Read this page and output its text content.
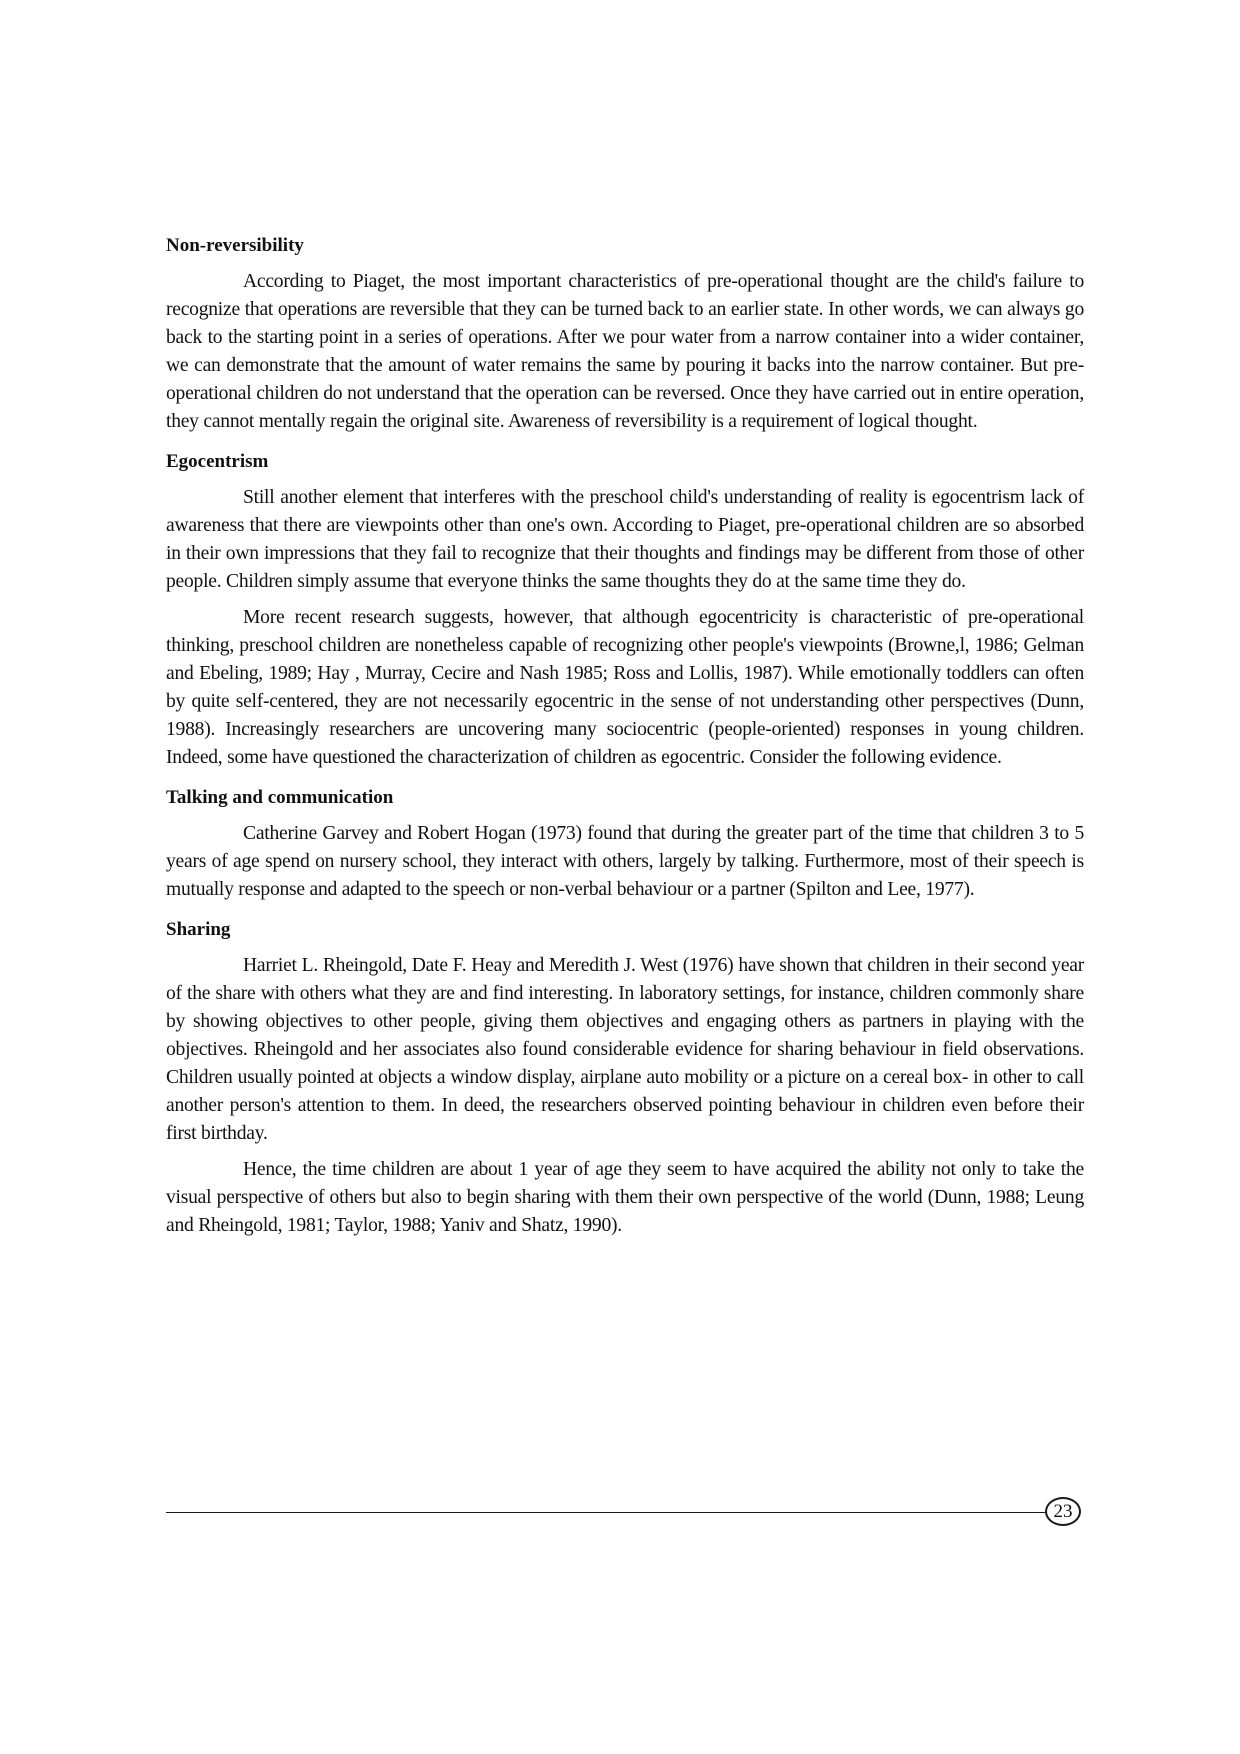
Non-reversibility

According to Piaget, the most important characteristics of pre-operational thought are the child's failure to recognize that operations are reversible that they can be turned back to an earlier state. In other words, we can always go back to the starting point in a series of operations. After we pour water from a narrow container into a wider container, we can demonstrate that the amount of water remains the same by pouring it backs into the narrow container. But pre-operational children do not understand that the operation can be reversed. Once they have carried out in entire operation, they cannot mentally regain the original site. Awareness of reversibility is a requirement of logical thought.

Egocentrism

Still another element that interferes with the preschool child's understanding of reality is egocentrism lack of awareness that there are viewpoints other than one's own. According to Piaget, pre-operational children are so absorbed in their own impressions that they fail to recognize that their thoughts and findings may be different from those of other people. Children simply assume that everyone thinks the same thoughts they do at the same time they do.

More recent research suggests, however, that although egocentricity is characteristic of pre-operational thinking, preschool children are nonetheless capable of recognizing other people's viewpoints (Browne,l, 1986; Gelman and Ebeling, 1989; Hay , Murray, Cecire and Nash 1985; Ross and Lollis, 1987). While emotionally toddlers can often by quite self-centered, they are not necessarily egocentric in the sense of not understanding other perspectives (Dunn, 1988). Increasingly researchers are uncovering many sociocentric (people-oriented) responses in young children. Indeed, some have questioned the characterization of children as egocentric. Consider the following evidence.

Talking and communication

Catherine Garvey and Robert Hogan (1973) found that during the greater part of the time that children 3 to 5 years of age spend on nursery school, they interact with others, largely by talking. Furthermore, most of their speech is mutually response and adapted to the speech or non-verbal behaviour or a partner (Spilton and Lee, 1977).

Sharing

Harriet L. Rheingold, Date F. Heay and Meredith J. West (1976) have shown that children in their second year of the share with others what they are and find interesting. In laboratory settings, for instance, children commonly share by showing objectives to other people, giving them objectives and engaging others as partners in playing with the objectives. Rheingold and her associates also found considerable evidence for sharing behaviour in field observations. Children usually pointed at objects a window display, airplane auto mobility or a picture on a cereal box- in other to call another person's attention to them. In deed, the researchers observed pointing behaviour in children even before their first birthday.

Hence, the time children are about 1 year of age they seem to have acquired the ability not only to take the visual perspective of others but also to begin sharing with them their own perspective of the world (Dunn, 1988; Leung and Rheingold, 1981; Taylor, 1988; Yaniv and Shatz, 1990).

23
